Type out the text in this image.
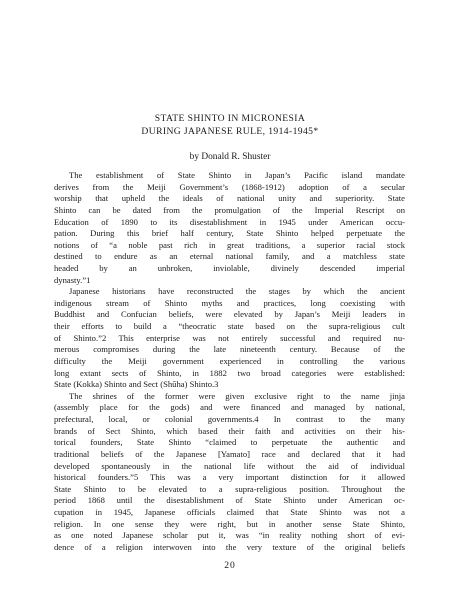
STATE SHINTO IN MICRONESIA
DURING JAPANESE RULE, 1914-1945*
by Donald R. Shuster
The establishment of State Shinto in Japan’s Pacific island mandate
derives from the Meiji Government’s (1868-1912) adoption of a secular
worship that upheld the ideals of national unity and superiority. State
Shinto can be dated from the promulgation of the Imperial Rescript on
Education of 1890 to its disestablishment in 1945 under American occu-
pation. During this brief half century, State Shinto helped perpetuate the
notions of “a noble past rich in great traditions, a superior racial stock
destined to endure as an eternal national family, and a matchless state
headed by an unbroken, inviolable, divinely descended imperial
dynasty.”1
Japanese historians have reconstructed the stages by which the ancient
indigenous stream of Shinto myths and practices, long coexisting with
Buddhist and Confucian beliefs, were elevated by Japan’s Meiji leaders in
their efforts to build a “theocratic state based on the supra-religious cult
of Shinto.”2 This enterprise was not entirely successful and required nu-
merous compromises during the late nineteenth century. Because of the
difficulty the Meiji government experienced in controlling the various
long extant sects of Shinto, in 1882 two broad categories were established:
State (Kokka) Shinto and Sect (Shūha) Shinto.3
The shrines of the former were given exclusive right to the name jinja
(assembly place for the gods) and were financed and managed by national,
prefectural, local, or colonial governments.4 In contrast to the many
brands of Sect Shinto, which based their faith and activities on their his-
torical founders, State Shinto “claimed to perpetuate the authentic and
traditional beliefs of the Japanese [Yamato] race and declared that it had
developed spontaneously in the national life without the aid of individual
historical founders.”5 This was a very important distinction for it allowed
State Shinto to be elevated to a supra-religious position. Throughout the
period 1868 until the disestablishment of State Shinto under American oc-
cupation in 1945, Japanese officials claimed that State Shinto was not a
religion. In one sense they were right, but in another sense State Shinto,
as one noted Japanese scholar put it, was “in reality nothing short of evi-
dence of a religion interwoven into the very texture of the original beliefs
20
